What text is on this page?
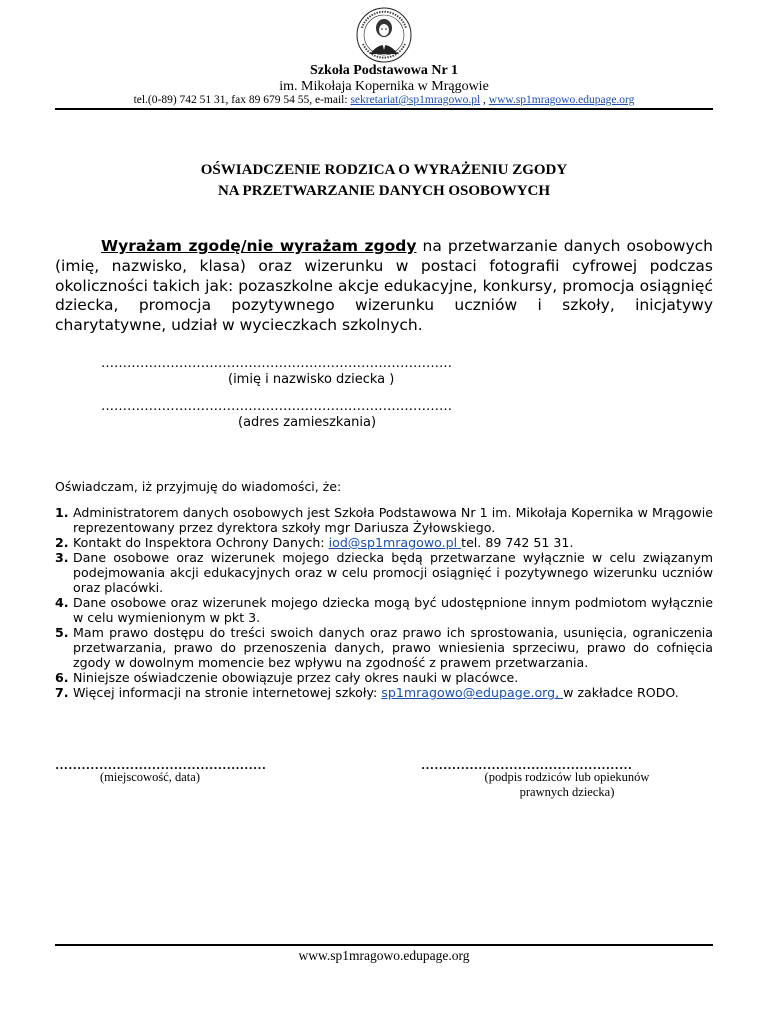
Szkoła Podstawowa Nr 1
im. Mikołaja Kopernika w Mrągowie
tel.(0-89) 742 51 31, fax 89 679 54 55, e-mail: sekretariat@sp1mragowo.pl , www.sp1mragowo.edupage.org
OŚWIADCZENIE RODZICA O WYRAŻENIU ZGODY
NA PRZETWARZANIE DANYCH OSOBOWYCH
Wyrażam zgodę/nie wyrażam zgody na przetwarzanie danych osobowych (imię, nazwisko, klasa) oraz wizerunku w postaci fotografii cyfrowej podczas okoliczności takich jak: pozaszkolne akcje edukacyjne, konkursy, promocja osiągnięć dziecka, promocja pozytywnego wizerunku uczniów i szkoły, inicjatywy charytatywne, udział w wycieczkach szkolnych.
………………………………………………………………………
(imię i nazwisko dziecka )
………………………………………………………………………
(adres zamieszkania)
Oświadczam, iż przyjmuję do wiadomości, że:
1. Administratorem danych osobowych jest Szkoła Podstawowa Nr 1 im. Mikołaja Kopernika w Mrągowie reprezentowany przez dyrektora szkoły mgr Dariusza Żyłowskiego.
2. Kontakt do Inspektora Ochrony Danych: iod@sp1mragowo.pl tel. 89 742 51 31.
3. Dane osobowe oraz wizerunek mojego dziecka będą przetwarzane wyłącznie w celu związanym podejmowania akcji edukacyjnych oraz w celu promocji osiągnięć i pozytywnego wizerunku uczniów oraz placówki.
4. Dane osobowe oraz wizerunek mojego dziecka mogą być udostępnione innym podmiotom wyłącznie w celu wymienionym w pkt 3.
5. Mam prawo dostępu do treści swoich danych oraz prawo ich sprostowania, usunięcia, ograniczenia przetwarzania, prawo do przenoszenia danych, prawo wniesienia sprzeciwu, prawo do cofnięcia zgody w dowolnym momencie bez wpływu na zgodność z prawem przetwarzania.
6. Niniejsze oświadczenie obowiązuje przez cały okres nauki w placówce.
7. Więcej informacji na stronie internetowej szkoły: sp1mragowo@edupage.org, w zakładce RODO.
…………………………………………
(miejscowość, data)
…………………………………………
(podpis rodziców lub opiekunów
prawnych dziecka)
www.sp1mragowo.edupage.org
